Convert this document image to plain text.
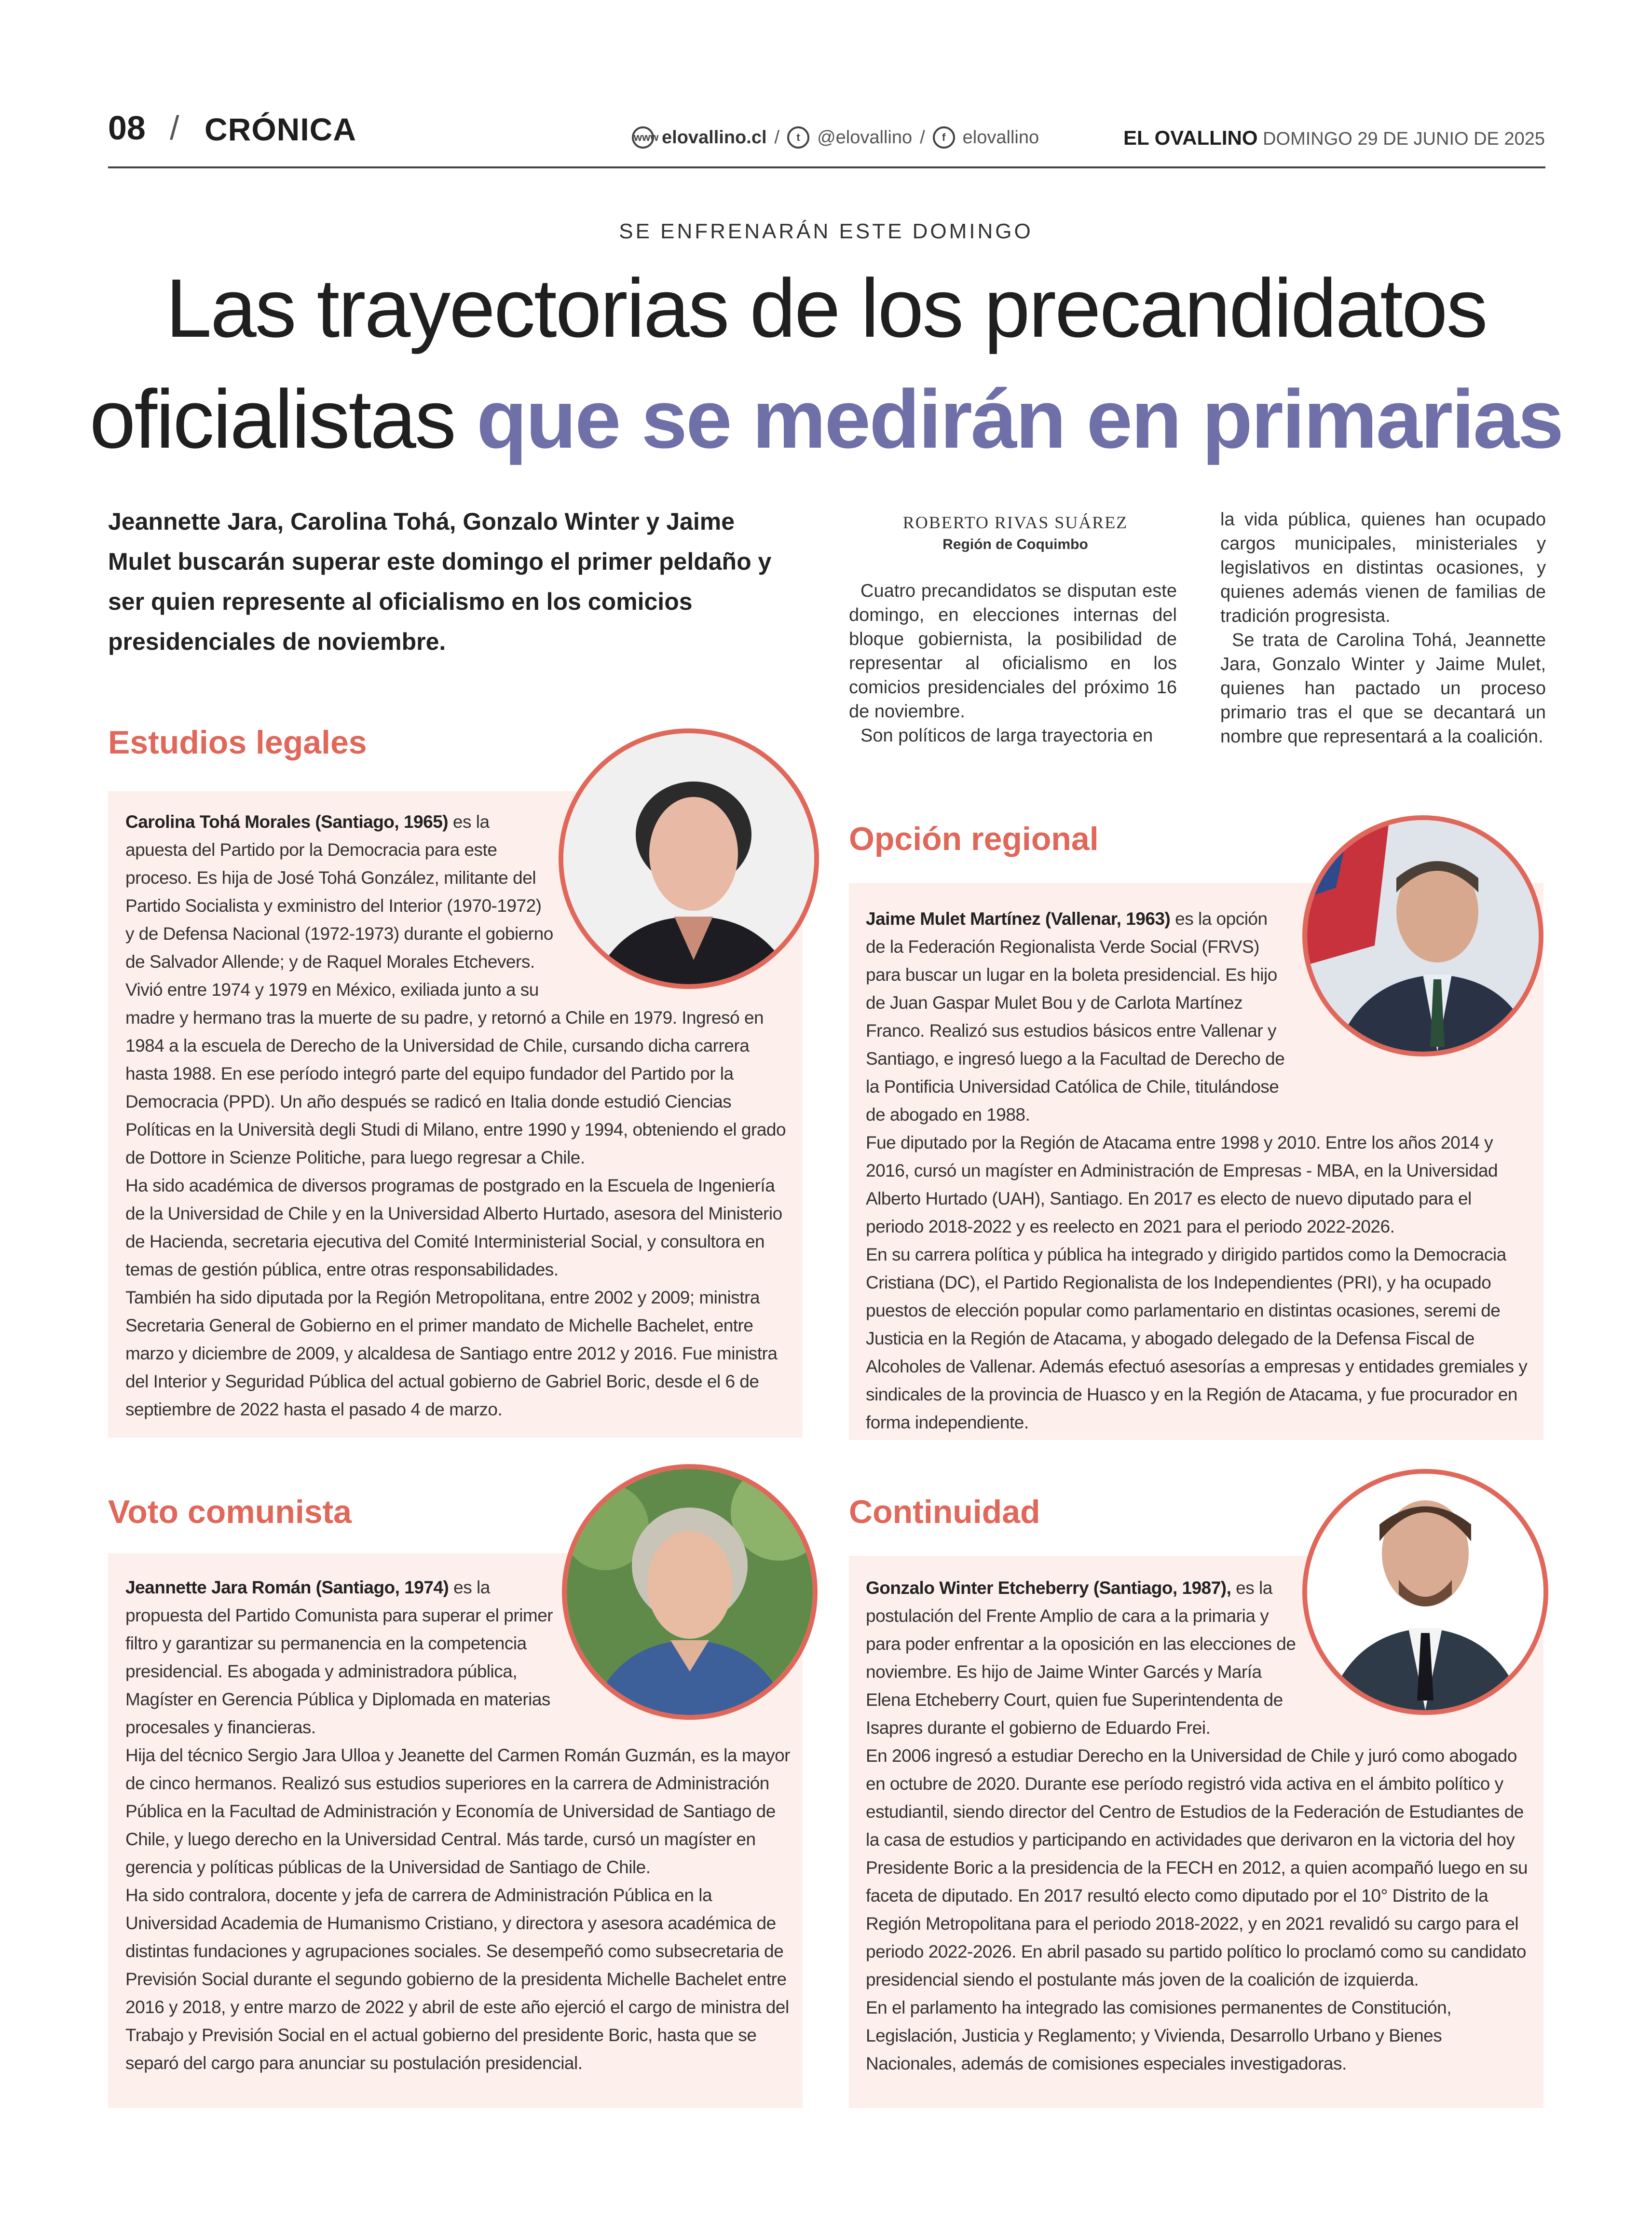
08 / CRÓNICA	www elovallino.cl /	t @elovallino /	f elovallino	EL OVALLINO DOMINGO 29 DE JUNIO DE 2025
SE ENFRENARÁN ESTE DOMINGO
Las trayectorias de los precandidatos
oficialistas que se medirán en primarias
Jeannette Jara, Carolina Tohá, Gonzalo Winter y Jaime Mulet buscarán superar este domingo el primer peldaño y ser quien represente al oficialismo en los comicios presidenciales de noviembre.
ROBERTO RIVAS SUÁREZ
Región de Coquimbo

Cuatro precandidatos se disputan este domingo, en elecciones internas del bloque gobiernista, la posibilidad de representar al oficialismo en los comicios presidenciales del próximo 16 de noviembre.

Son políticos de larga trayectoria en

la vida pública, quienes han ocupado cargos municipales, ministeriales y legislativos en distintas ocasiones, y quienes además vienen de familias de tradición progresista.

Se trata de Carolina Tohá, Jeannette Jara, Gonzalo Winter y Jaime Mulet, quienes han pactado un proceso primario tras el que se decantará un nombre que representará a la coalición.

Estudios legales

Carolina Tohá Morales (Santiago, 1965) es la apuesta del Partido por la Democracia para este proceso. Es hija de José Tohá González, militante del Partido Socialista y exministro del Interior (1970-1972) y de Defensa Nacional (1972-1973) durante el gobierno de Salvador Allende; y de Raquel Morales Etchevers.

Vivió entre 1974 y 1979 en México, exiliada junto a su madre y hermano tras la muerte de su padre, y retornó a Chile en 1979. Ingresó en 1984 a la escuela de Derecho de la Universidad de Chile, cursando dicha carrera hasta 1988. En ese período integró parte del equipo fundador del Partido por la Democracia (PPD). Un año después se radicó en Italia donde estudió Ciencias Políticas en la Università degli Studi di Milano, entre 1990 y 1994, obteniendo el grado de Dottore in Scienze Politiche, para luego regresar a Chile.

Ha sido académica de diversos programas de postgrado en la Escuela de Ingeniería de la Universidad de Chile y en la Universidad Alberto Hurtado, asesora del Ministerio de Hacienda, secretaria ejecutiva del Comité Interministerial Social, y consultora en temas de gestión pública, entre otras responsabilidades.

También ha sido diputada por la Región Metropolitana, entre 2002 y 2009; ministra Secretaria General de Gobierno en el primer mandato de Michelle Bachelet, entre marzo y diciembre de 2009, y alcaldesa de Santiago entre 2012 y 2016. Fue ministra del Interior y Seguridad Pública del actual gobierno de Gabriel Boric, desde el 6 de septiembre de 2022 hasta el pasado 4 de marzo.

Opción regional

Jaime Mulet Martínez (Vallenar, 1963) es la opción de la Federación Regionalista Verde Social (FRVS) para buscar un lugar en la boleta presidencial. Es hijo de Juan Gaspar Mulet Bou y de Carlota Martínez Franco. Realizó sus estudios básicos entre Vallenar y Santiago, e ingresó luego a la Facultad de Derecho de la Pontificia Universidad Católica de Chile, titulándose de abogado en 1988.

Fue diputado por la Región de Atacama entre 1998 y 2010. Entre los años 2014 y 2016, cursó un magíster en Administración de Empresas - MBA, en la Universidad Alberto Hurtado (UAH), Santiago. En 2017 es electo de nuevo diputado para el periodo 2018-2022 y es reelecto en 2021 para el periodo 2022-2026.

En su carrera política y pública ha integrado y dirigido partidos como la Democracia Cristiana (DC), el Partido Regionalista de los Independientes (PRI), y ha ocupado puestos de elección popular como parlamentario en distintas ocasiones, seremi de Justicia en la Región de Atacama, y abogado delegado de la Defensa Fiscal de Alcoholes de Vallenar. Además efectuó asesorías a empresas y entidades gremiales y sindicales de la provincia de Huasco y en la Región de Atacama, y fue procurador en forma independiente.

Voto comunista

Jeannette Jara Román (Santiago, 1974) es la propuesta del Partido Comunista para superar el primer filtro y garantizar su permanencia en la competencia presidencial. Es abogada y administradora pública, Magíster en Gerencia Pública y Diplomada en materias procesales y financieras.

Hija del técnico Sergio Jara Ulloa y Jeanette del Carmen Román Guzmán, es la mayor de cinco hermanos. Realizó sus estudios superiores en la carrera de Administración Pública en la Facultad de Administración y Economía de Universidad de Santiago de Chile, y luego derecho en la Universidad Central. Más tarde, cursó un magíster en gerencia y políticas públicas de la Universidad de Santiago de Chile.

Ha sido contralora, docente y jefa de carrera de Administración Pública en la Universidad Academia de Humanismo Cristiano, y directora y asesora académica de distintas fundaciones y agrupaciones sociales. Se desempeñó como subsecretaria de Previsión Social durante el segundo gobierno de la presidenta Michelle Bachelet entre 2016 y 2018, y entre marzo de 2022 y abril de este año ejerció el cargo de ministra del Trabajo y Previsión Social en el actual gobierno del presidente Boric, hasta que se separó del cargo para anunciar su postulación presidencial.

Continuidad

Gonzalo Winter Etcheberry (Santiago, 1987), es la postulación del Frente Amplio de cara a la primaria y para poder enfrentar a la oposición en las elecciones de noviembre. Es hijo de Jaime Winter Garcés y María Elena Etcheberry Court, quien fue Superintendenta de Isapres durante el gobierno de Eduardo Frei.

En 2006 ingresó a estudiar Derecho en la Universidad de Chile y juró como abogado en octubre de 2020. Durante ese período registró vida activa en el ámbito político y estudiantil, siendo director del Centro de Estudios de la Federación de Estudiantes de la casa de estudios y participando en actividades que derivaron en la victoria del hoy Presidente Boric a la presidencia de la FECH en 2012, a quien acompañó luego en su faceta de diputado. En 2017 resultó electo como diputado por el 10° Distrito de la Región Metropolitana para el periodo 2018-2022, y en 2021 revalidó su cargo para el periodo 2022-2026. En abril pasado su partido político lo proclamó como su candidato presidencial siendo el postulante más joven de la coalición de izquierda.

En el parlamento ha integrado las comisiones permanentes de Constitución, Legislación, Justicia y Reglamento; y Vivienda, Desarrollo Urbano y Bienes Nacionales, además de comisiones especiales investigadoras.
